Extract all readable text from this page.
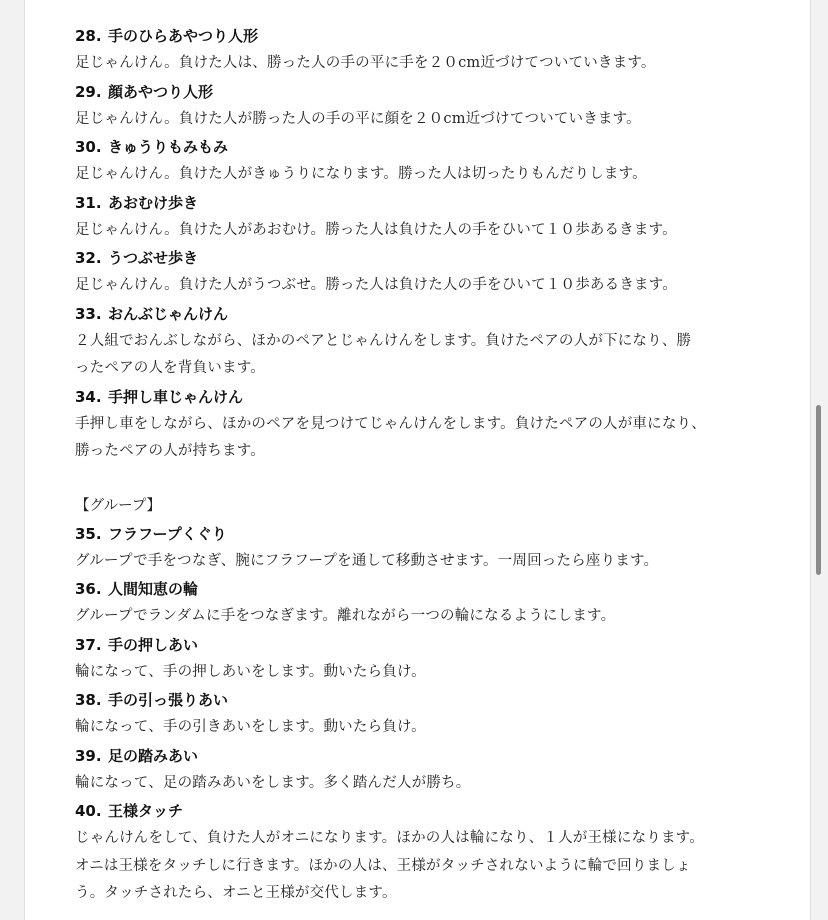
28. 手のひらあやつり人形
足じゃんけん。負けた人は、勝った人の手の平に手を２０cm近づけてついていきます。
29. 顔あやつり人形
足じゃんけん。負けた人が勝った人の手の平に顔を２０cm近づけてついていきます。
30. きゅうりもみもみ
足じゃんけん。負けた人がきゅうりになります。勝った人は切ったりもんだりします。
31. あおむけ歩き
足じゃんけん。負けた人があおむけ。勝った人は負けた人の手をひいて１０歩あるきます。
32. うつぶせ歩き
足じゃんけん。負けた人がうつぶせ。勝った人は負けた人の手をひいて１０歩あるきます。
33. おんぶじゃんけん
２人組でおんぶしながら、ほかのペアとじゃんけんをします。負けたペアの人が下になり、勝
ったペアの人を背負います。
34. 手押し車じゃんけん
手押し車をしながら、ほかのペアを見つけてじゃんけんをします。負けたペアの人が車になり、
勝ったペアの人が持ちます。
【グループ】
35. フラフープくぐり
グループで手をつなぎ、腕にフラフープを通して移動させます。一周回ったら座ります。
36. 人間知恵の輪
グループでランダムに手をつなぎます。離れながら一つの輪になるようにします。
37. 手の押しあい
輪になって、手の押しあいをします。動いたら負け。
38. 手の引っ張りあい
輪になって、手の引きあいをします。動いたら負け。
39. 足の踏みあい
輪になって、足の踏みあいをします。多く踏んだ人が勝ち。
40. 王様タッチ
じゃんけんをして、負けた人がオニになります。ほかの人は輪になり、１人が王様になります。
オニは王様をタッチしに行きます。ほかの人は、王様がタッチされないように輪で回りましょ
う。タッチされたら、オニと王様が交代します。
